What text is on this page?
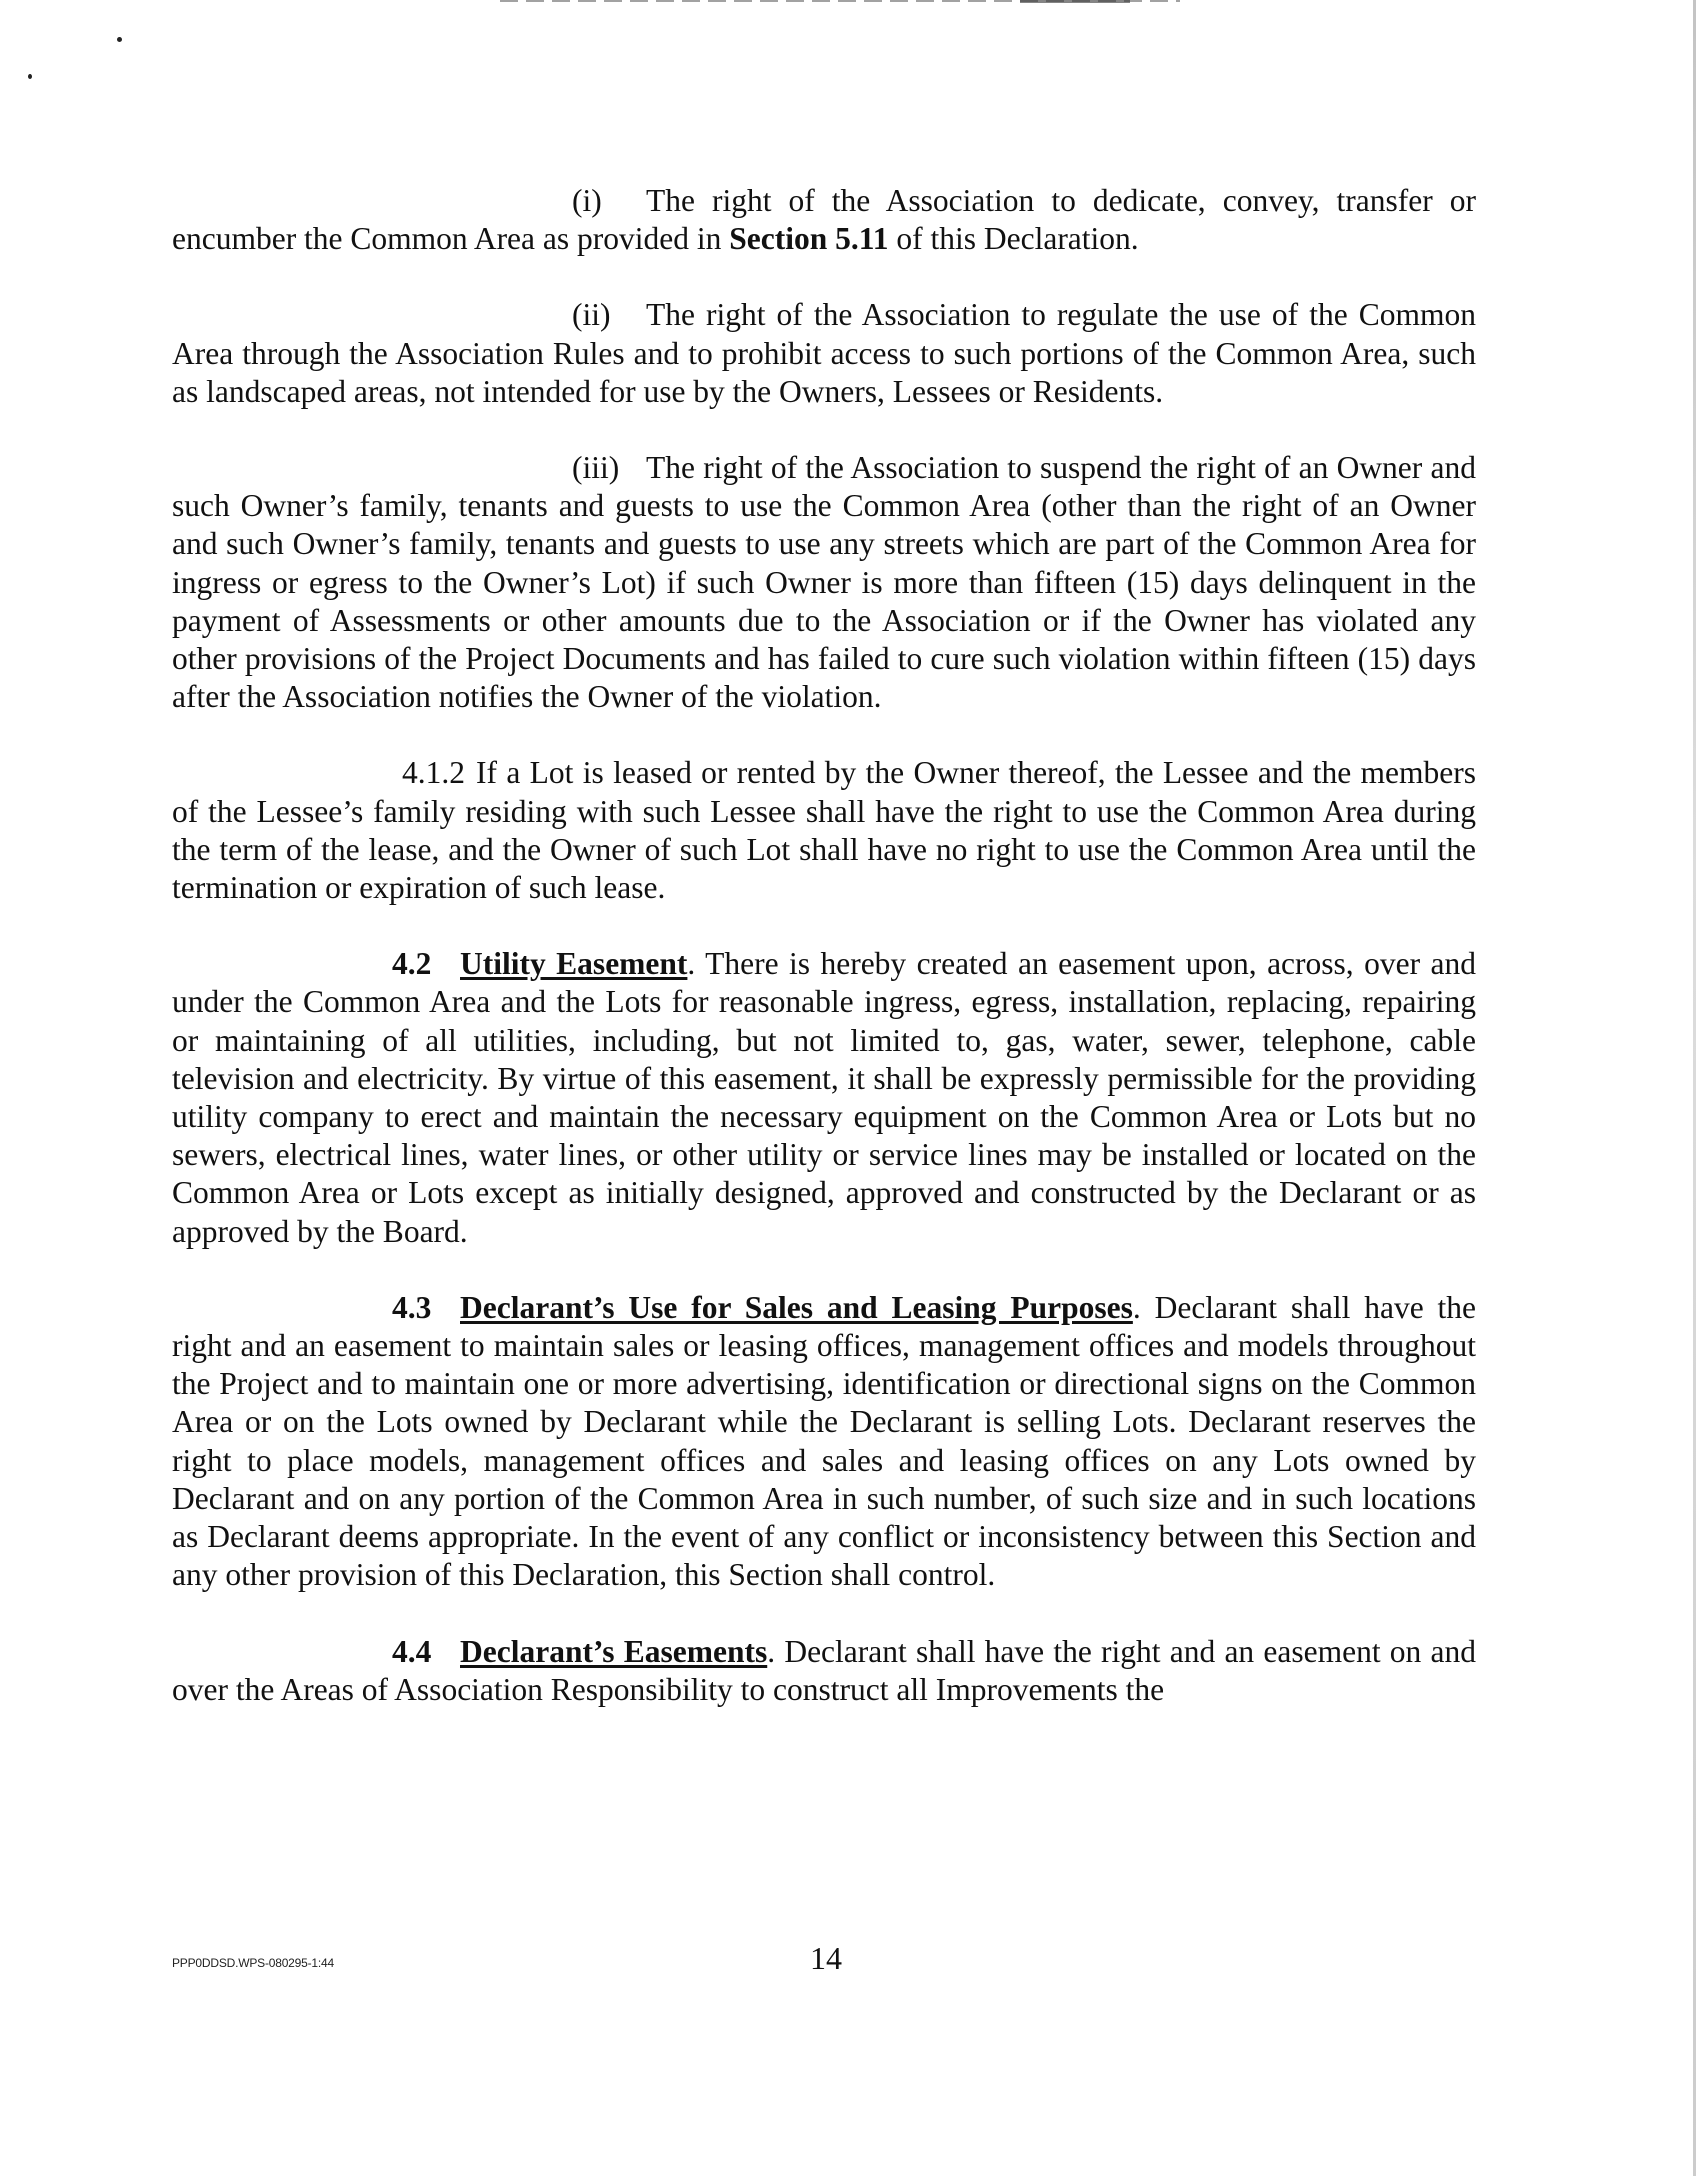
(i) The right of the Association to dedicate, convey, transfer or encumber the Common Area as provided in Section 5.11 of this Declaration.

(ii) The right of the Association to regulate the use of the Common Area through the Association Rules and to prohibit access to such portions of the Common Area, such as landscaped areas, not intended for use by the Owners, Lessees or Residents.

(iii) The right of the Association to suspend the right of an Owner and such Owner’s family, tenants and guests to use the Common Area (other than the right of an Owner and such Owner’s family, tenants and guests to use any streets which are part of the Common Area for ingress or egress to the Owner’s Lot) if such Owner is more than fifteen (15) days delinquent in the payment of Assessments or other amounts due to the Association or if the Owner has violated any other provisions of the Project Documents and has failed to cure such violation within fifteen (15) days after the Association notifies the Owner of the violation.

4.1.2 If a Lot is leased or rented by the Owner thereof, the Lessee and the members of the Lessee’s family residing with such Lessee shall have the right to use the Common Area during the term of the lease, and the Owner of such Lot shall have no right to use the Common Area until the termination or expiration of such lease.

4.2 Utility Easement. There is hereby created an easement upon, across, over and under the Common Area and the Lots for reasonable ingress, egress, installation, replacing, repairing or maintaining of all utilities, including, but not limited to, gas, water, sewer, telephone, cable television and electricity. By virtue of this easement, it shall be expressly permissible for the providing utility company to erect and maintain the necessary equipment on the Common Area or Lots but no sewers, electrical lines, water lines, or other utility or service lines may be installed or located on the Common Area or Lots except as initially designed, approved and constructed by the Declarant or as approved by the Board.

4.3 Declarant’s Use for Sales and Leasing Purposes. Declarant shall have the right and an easement to maintain sales or leasing offices, management offices and models throughout the Project and to maintain one or more advertising, identification or directional signs on the Common Area or on the Lots owned by Declarant while the Declarant is selling Lots. Declarant reserves the right to place models, management offices and sales and leasing offices on any Lots owned by Declarant and on any portion of the Common Area in such number, of such size and in such locations as Declarant deems appropriate. In the event of any conflict or inconsistency between this Section and any other provision of this Declaration, this Section shall control.

4.4 Declarant’s Easements. Declarant shall have the right and an easement on and over the Areas of Association Responsibility to construct all Improvements the

PPP0DDSD.WPS-080295-1:44	14
